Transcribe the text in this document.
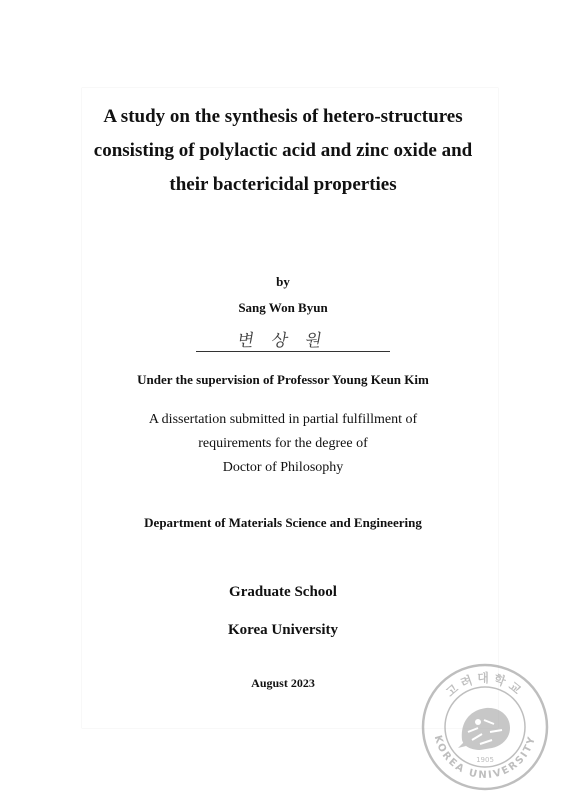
A study on the synthesis of hetero-structures
consisting of polylactic acid and zinc oxide and
their bactericidal properties
by
Sang Won Byun
변 상 원
Under the supervision of Professor Young Keun Kim
A dissertation submitted in partial fulfillment of
requirements for the degree of
Doctor of Philosophy
Department of Materials Science and Engineering
Graduate School
Korea University
August 2023	고려대학교
KOREA UNIVERSITY
1905
